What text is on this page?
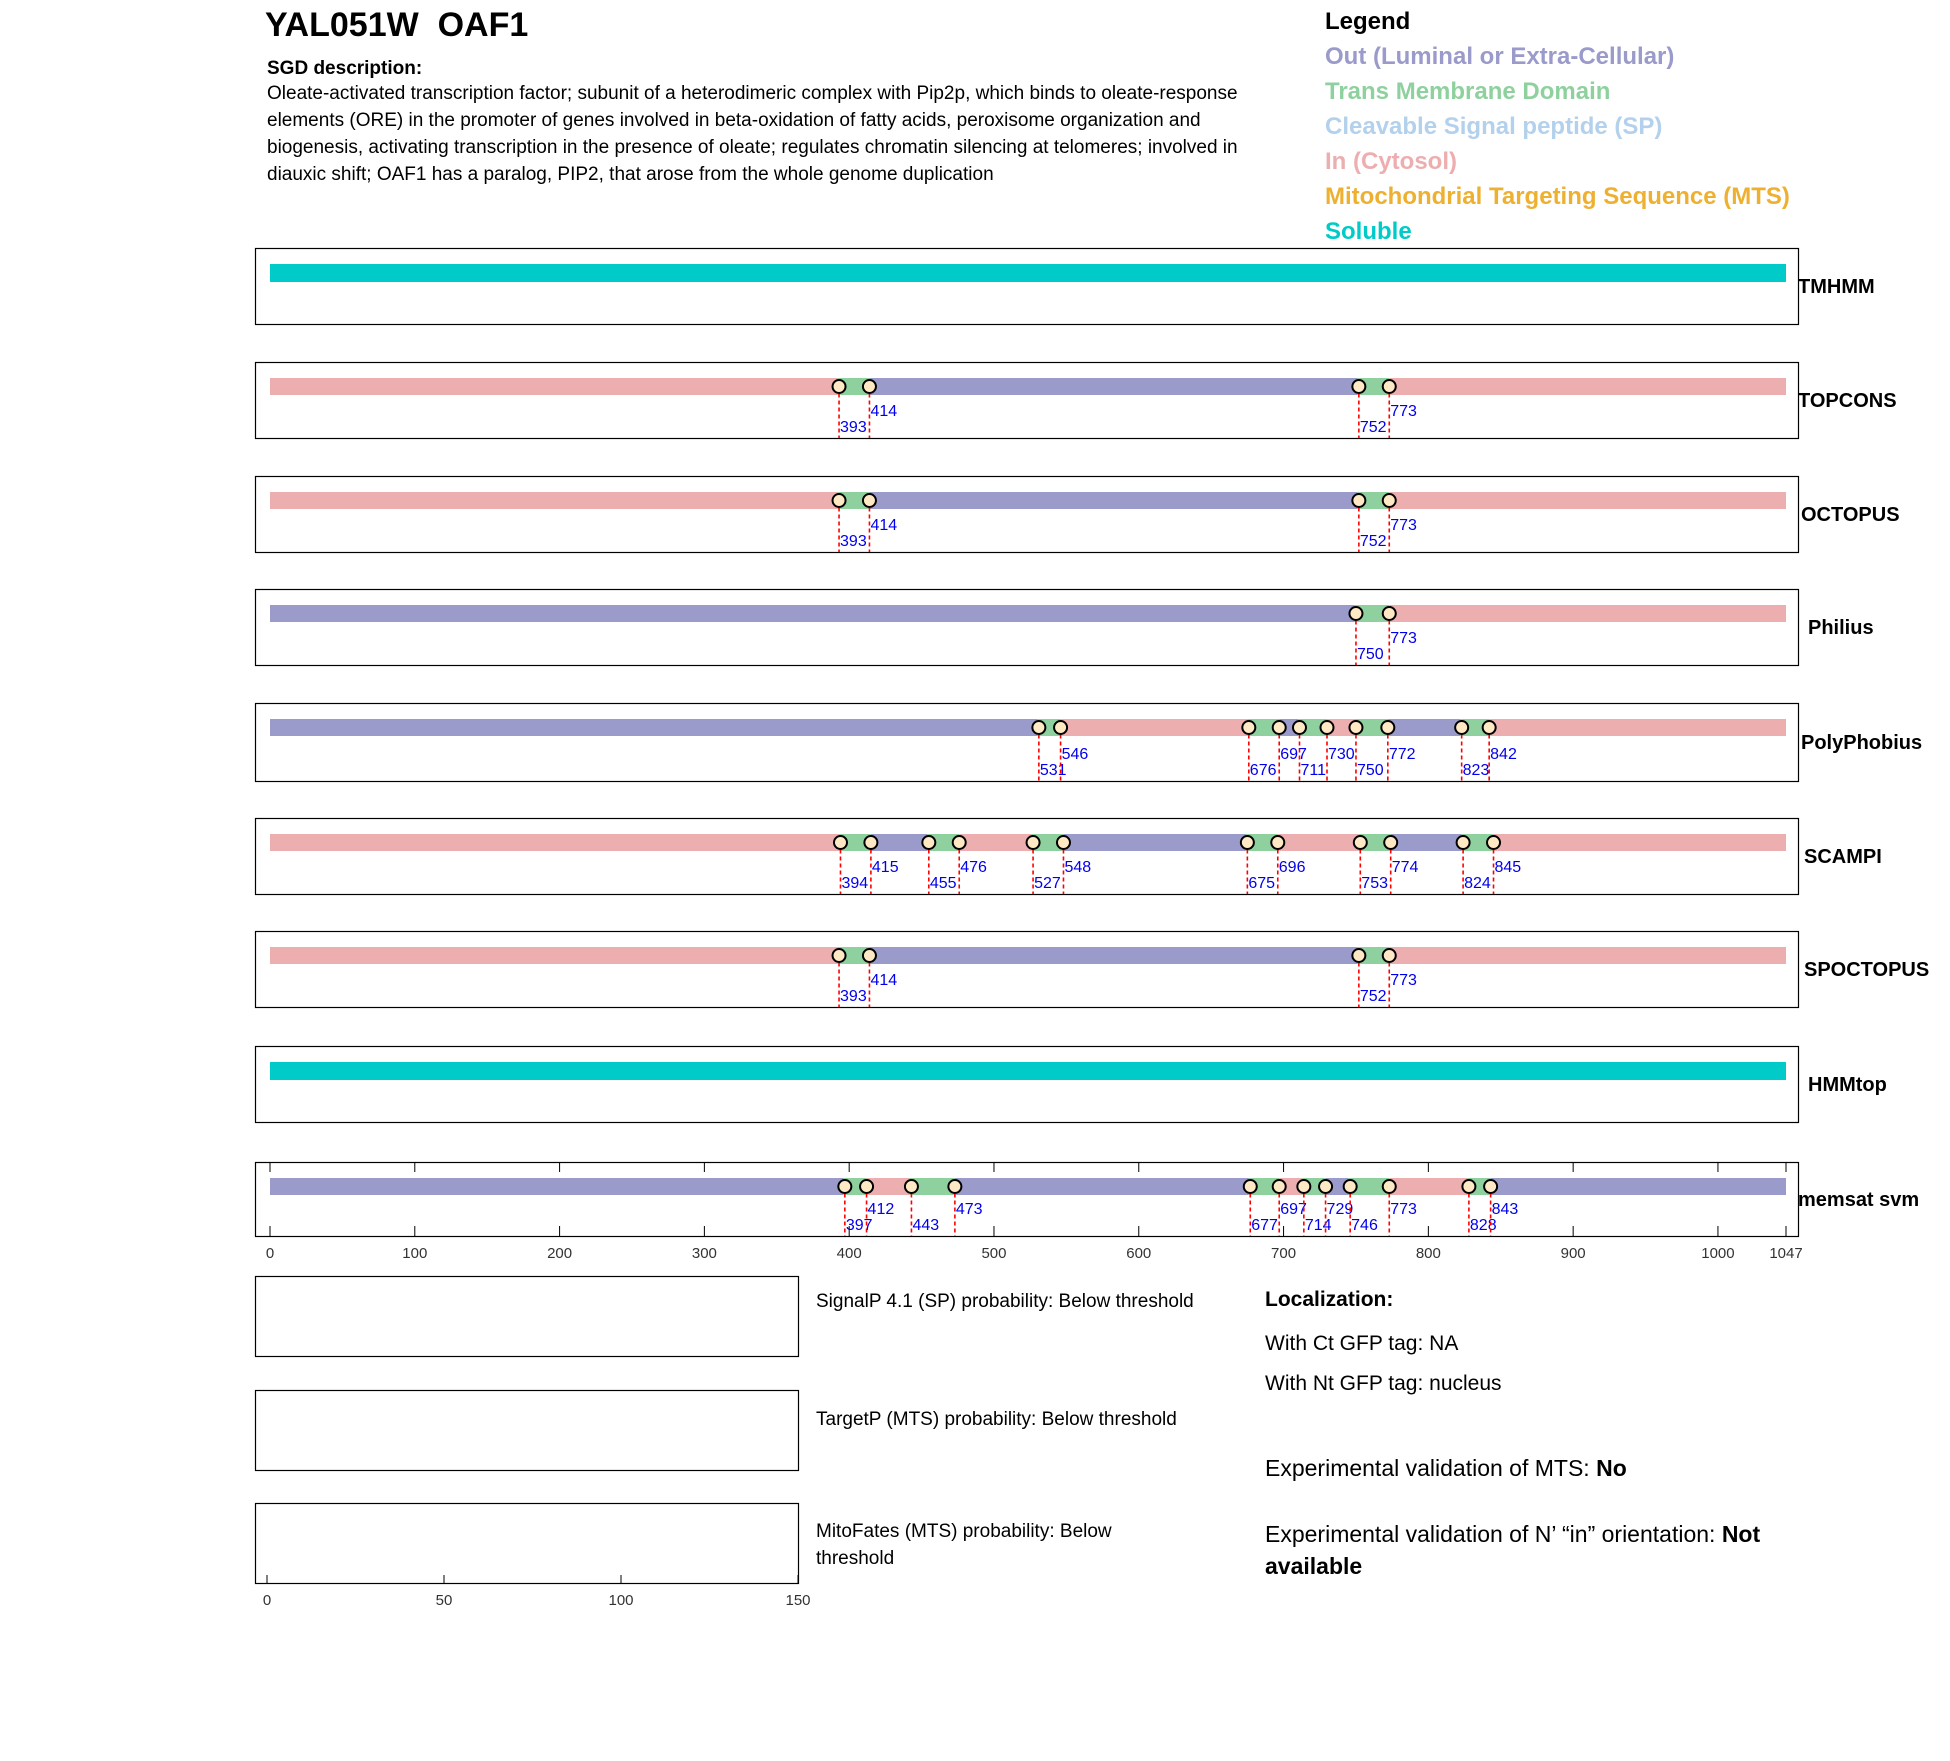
YAL051W  OAF1
SGD description:
Oleate-activated transcription factor; subunit of a heterodimeric complex with Pip2p, which binds to oleate-response elements (ORE) in the promoter of genes involved in beta-oxidation of fatty acids, peroxisome organization and biogenesis, activating transcription in the presence of oleate; regulates chromatin silencing at telomeres; involved in diauxic shift; OAF1 has a paralog, PIP2, that arose from the whole genome duplication
Legend
Out (Luminal or Extra-Cellular)
Trans Membrane Domain
Cleavable Signal peptide (SP)
In (Cytosol)
Mitochondrial Targeting Sequence (MTS)
Soluble
TMHMM
393
414
752
773	TOPCONS
393
414
752
773	OCTOPUS
750
773	Philius
531
546
676
697
711
730
750
772
823
842
PolyPhobius
394
415
455
476
527
548
675
696
753
774
824
845	SCAMPI
393
414
752
773	SPOCTOPUS
HMMtop
397
412
443
473
677
697
714
729
746
773
828
843	memsat svm
0	100	200	300	400	500	600	700	800	900	1000 1047
0	50	100	150
SignalP 4.1 (SP) probability: Below threshold
TargetP (MTS) probability: Below threshold
MitoFates (MTS) probability: Below threshold
Localization:
With Ct GFP tag: NA
With Nt GFP tag: nucleus
Experimental validation of MTS: No
Experimental validation of N’ “in” orientation: Not available
